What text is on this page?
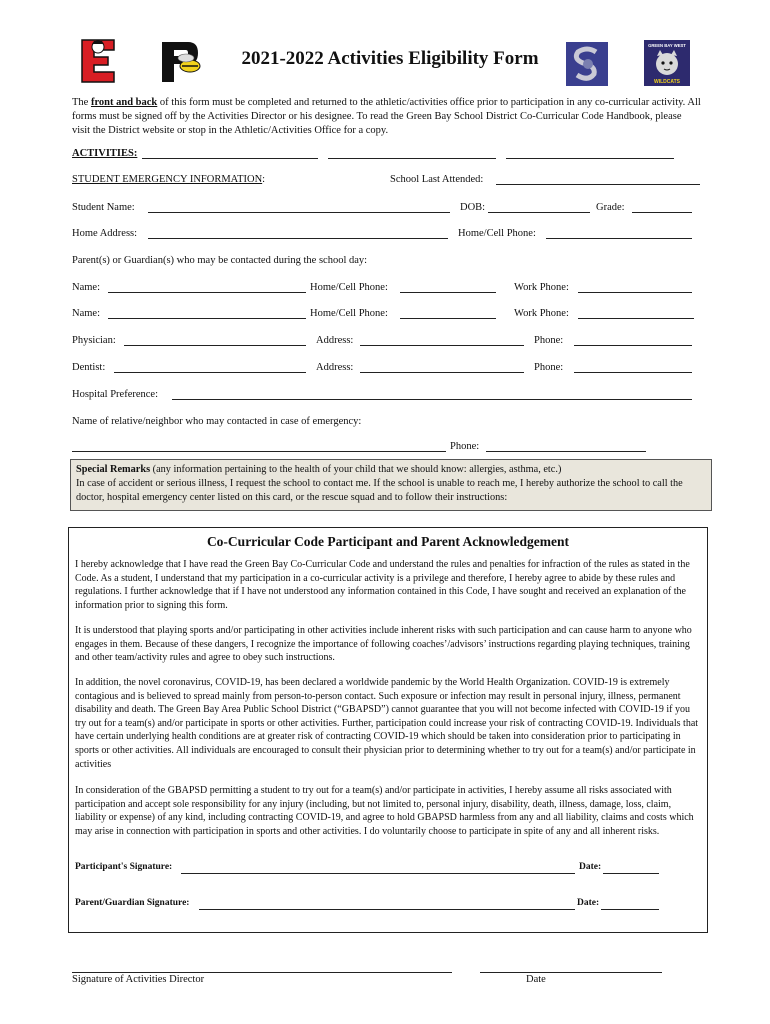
GREEN BAY WEST
WILDCATS
2021-2022 Activities Eligibility Form
The front and back of this form must be completed and returned to the athletic/activities office prior to participation in any co-curricular activity. All forms must be signed off by the Activities Director or his designee. To read the Green Bay School District Co-Curricular Code Handbook, please visit the District website or stop in the Athletic/Activities Office for a copy.
ACTIVITIES:
STUDENT EMERGENCY INFORMATION:	School Last Attended:
Student Name:	DOB:	Grade:
Home Address:	Home/Cell Phone:
Parent(s) or Guardian(s) who may be contacted during the school day:
Name:	Home/Cell Phone:	Work Phone:
Name:	Home/Cell Phone:	Work Phone:
Physician:	Address:	Phone:
Dentist:	Address:	Phone:
Hospital Preference:
Name of relative/neighbor who may contacted in case of emergency:
Phone:
Special Remarks (any information pertaining to the health of your child that we should know: allergies, asthma, etc.)
In case of accident or serious illness, I request the school to contact me. If the school is unable to reach me, I hereby authorize the school to call the doctor, hospital emergency center listed on this card, or the rescue squad and to follow their instructions:
Co-Curricular Code Participant and Parent Acknowledgement
I hereby acknowledge that I have read the Green Bay Co-Curricular Code and understand the rules and penalties for infraction of the rules as stated in the Code. As a student, I understand that my participation in a co-curricular activity is a privilege and therefore, I hereby agree to abide by these rules and regulations. I further acknowledge that if I have not understood any information contained in this Code, I have sought and received an explanation of the information prior to signing this form.
It is understood that playing sports and/or participating in other activities include inherent risks with such participation and can cause harm to anyone who engages in them. Because of these dangers, I recognize the importance of following coaches’/advisors’ instructions regarding playing techniques, training and other team/activity rules and agree to obey such instructions.
In addition, the novel coronavirus, COVID-19, has been declared a worldwide pandemic by the World Health Organization. COVID-19 is extremely contagious and is believed to spread mainly from person-to-person contact. Such exposure or infection may result in personal injury, illness, permanent disability and death. The Green Bay Area Public School District (“GBAPSD”) cannot guarantee that you will not become infected with COVID-19 if you try out for a team(s) and/or participate in sports or other activities. Further, participation could increase your risk of contracting COVID-19. Individuals that have certain underlying health conditions are at greater risk of contracting COVID-19 which should be taken into consideration prior to participating in sports or other activities. All individuals are encouraged to consult their physician prior to determining whether to try out for a team(s) and/or participate in activities
In consideration of the GBAPSD permitting a student to try out for a team(s) and/or participate in activities, I hereby assume all risks associated with participation and accept sole responsibility for any injury (including, but not limited to, personal injury, disability, death, illness, damage, loss, claim, liability or expense) of any kind, including contracting COVID-19, and agree to hold GBAPSD harmless from any and all liability, claims and costs which may arise in connection with participation in sports and other activities. I do voluntarily choose to participate in spite of any and all inherent risks.
Participant's Signature:	Date:
Parent/Guardian Signature:	Date:
Signature of Activities Director	Date
